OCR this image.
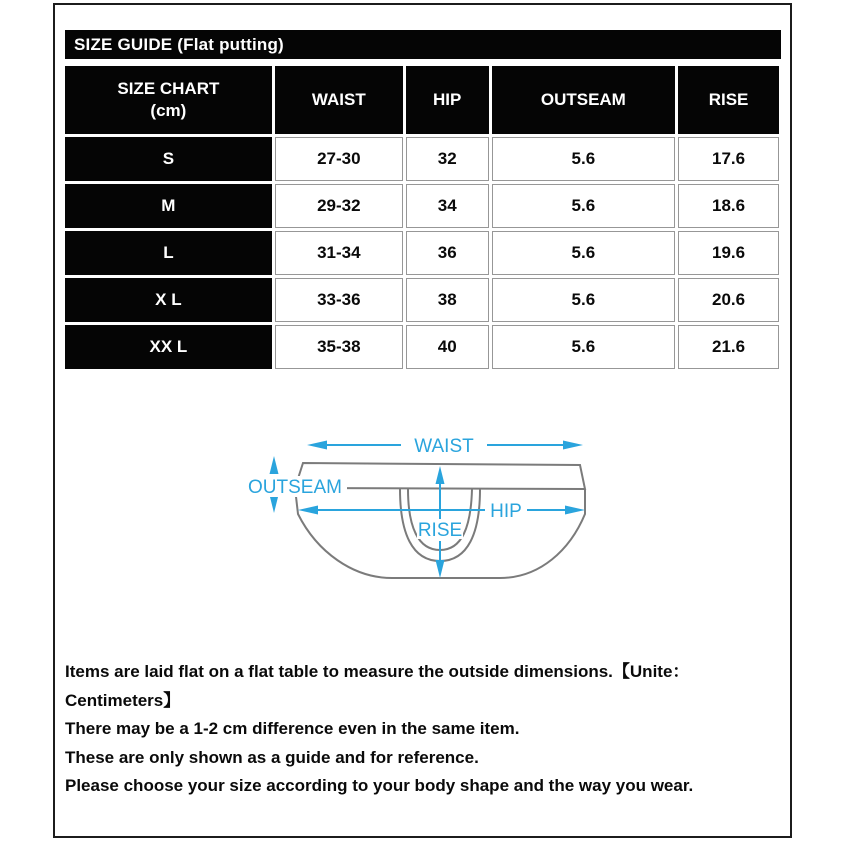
SIZE GUIDE (Flat putting)
SIZE CHART
(cm)	WAIST	HIP	OUTSEAM	RISE
S	27-30	32	5.6	17.6
M	29-32	34	5.6	18.6
L	31-34	36	5.6	19.6
X L	33-36	38	5.6	20.6
XX L	35-38	40	5.6	21.6
WAIST
OUTSEAM
HIP
RISE

Items are laid flat on a flat table to measure the outside dimensions.【Unite：Centimeters】

There may be a 1-2 cm difference even in the same item.

These are only shown as a guide and for reference.

Please choose your size according to your body shape and the way you wear.
